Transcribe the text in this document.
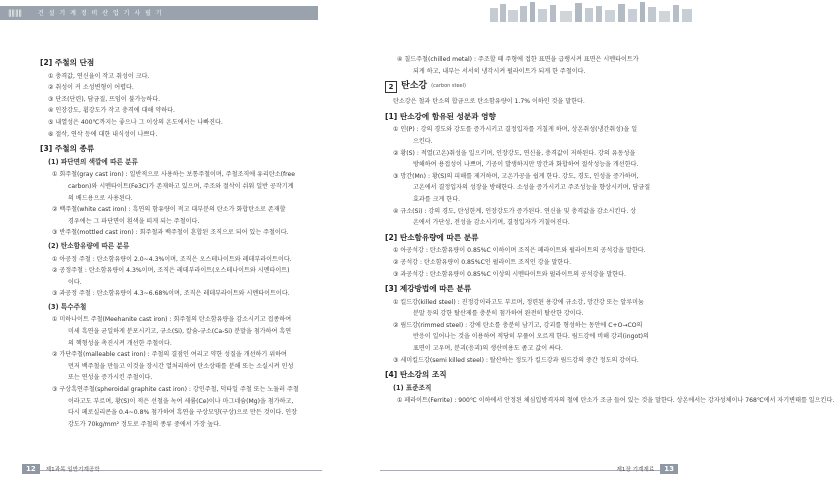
‖‖‖‖	건 설 기 계 정 비 산 업 기 사 필 기
[2] 주철의 단점
① 충격값, 연신율이 작고 취성이 크다.
② 취성이 커 소성변형이 어렵다.
③ 단조(단련), 담금질, 뜨임이 불가능하다.
④ 인장강도, 휨강도가 작고 충격에 대해 약하다.
⑤ 내열성은 400℃까지는 좋으나 그 이상의 온도에서는 나빠진다.
⑥ 절삭, 연삭 등에 대한 내식성이 나쁘다.
[3] 주철의 종류
(1) 파단면의 색깔에 따른 분류
① 회주철(gray cast iron) : 일반적으로 사용하는 보통주철이며, 주철조직에 유리탄소(free
carbon)와 시멘타이트(Fe3C)가 존재하고 있으며, 주조와 절삭이 쉬워 일반 공작기계
의 베드용으로 사용된다.
② 백주철(white cast iron) : 흑연의 함유량이 적고 대부분의 탄소가 화합탄소로 존재할
경우에는 그 파단면이 흰색을 띠게 되는 주철이다.
③ 반주철(mottled cast iron) : 회주철과 백주철이 혼합된 조직으로 되어 있는 주철이다.
(2) 탄소함유량에 따른 분류
① 아공정 주철 : 탄소함유량이 2.0~4.3%이며, 조직은 오스테나이트와 레데부라이트이다.
② 공정주철 : 탄소함유량이 4.3%이며, 조직은 레데부라이트(오스테나이트와 시멘타이트)
이다.
③ 과공정 주철 : 탄소함유량이 4.3~6.68%이며, 조직은 레데부라이트와 시멘타이트이다.
(3) 특수주철
① 미하나이트 주철(Meehanite cast iron) : 회주철의 탄소함유량을 감소시키고 접종하여
미세 흑연을 균일하게 분포시키고, 규소(Si), 칼슘-규소(Ca-Si) 분말을 첨가하여 흑연
의 핵형성을 촉진시켜 개선한 주철이다.
② 가단주철(malleable cast iron) : 주철의 결점인 여리고 약한 성질을 개선하기 위하여
먼저 백주철을 만들고 이것을 장시간 열처리하여 탄소상태를 분해 또는 소실시켜 인성
또는 연성을 증가시킨 주철이다.
③ 구상흑연주철(spheroidal graphite cast iron) : 강인주철, 덕타일 주철 또는 노듈러 주철
이라고도 부르며, 황(S)이 적은 선철을 녹여 세륨(Ce)이나 마그네슘(Mg)을 첨가하고,
다시 페로실리콘을 0.4~0.8% 첨가하여 흑연을 구상모양(구상)으로 만든 것이다. 인장
강도가 70kg/mm² 정도로 주철의 종류 중에서 가장 높다.
④ 칠드주철(chilled metal) : 주조할 때 주형에 접한 표면을 급랭시켜 표면은 시멘타이트가
되게 하고, 내부는 서서히 냉각시켜 펄라이트가 되게 한 주철이다.
2 탄소강 (carbon steel)
탄소강은 철과 탄소의 합금으로 탄소함유량이 1.7% 이하인 것을 말한다.
[1] 탄소강에 함유된 성분과 영향
① 인(P) : 강의 경도와 강도를 증가시키고 결정입자를 거칠게 하며, 상온취성(냉간취성)을 일
으킨다.
② 황(S) : 적열(고온)취성을 일으키며, 인장강도, 연신율, 충격값이 저하된다. 강의 유동성을
방해하여 용접성이 나쁘며, 기공이 발생하지만 망간과 화합하여 절삭성능을 개선한다.
③ 망간(Mn) : 황(S)의 피해를 제거하며, 고온가공을 쉽게 한다. 강도, 경도, 인성을 증가하며,
고온에서 결정입자의 성장을 방해한다. 소성을 증가시키고 주조성능을 향상시키며, 담금질
효과를 크게 한다.
④ 규소(Si) : 강의 경도, 탄성한계, 인장강도가 증가된다. 연신율 및 충격값을 감소시킨다. 상
온에서 가단성, 전성을 감소시키며, 결정입자가 거칠어진다.
[2] 탄소함유량에 따른 분류
① 아공석강 : 탄소함유량이 0.85%C 이하이며 조직은 페라이트와 펄라이트의 공석강을 말한다.
② 공석강 : 탄소함유량이 0.85%C인 펄라이트 조직인 강을 말한다.
③ 과공석강 : 탄소함유량이 0.85%C 이상의 시멘타이트와 펄라이트의 공석강을 말한다.
[3] 제강방법에 따른 분류
① 킬드강(killed steel) : 진정강이라고도 부르며, 정련된 용강에 규소강, 망간강 또는 알루미늄
분말 등의 강한 탈산제를 충분히 첨가하여 완전히 탈산한 강이다.
② 림드강(rimmed steel) : 강에 탄소를 충분히 남기고, 강괴를 형성하는 동안에 C+O→CO의
반응이 일어나는 것을 이용하여 적당히 부풀어 오르게 한다. 림드강에 비해 강괴(ingot)의
표면이 고우며, 분괴(응괴)의 생산비용도 좀고 값이 싸다.
③ 세미킬드강(semi killed steel) : 탈산하는 정도가 킬드강과 림드강의 중간 정도의 강이다.
[4] 탄소강의 조직
(1) 표준조직
① 페라이트(Ferrite) : 900℃ 이하에서 안정된 체심입방격자의 철에 탄소가 조금 들어 있는 것을 말한다. 상온에서는 강자성체이나 768℃에서 자기변태를 일으킨다.
12	제1과목 일반기계공학	제1장 기계재료	13
